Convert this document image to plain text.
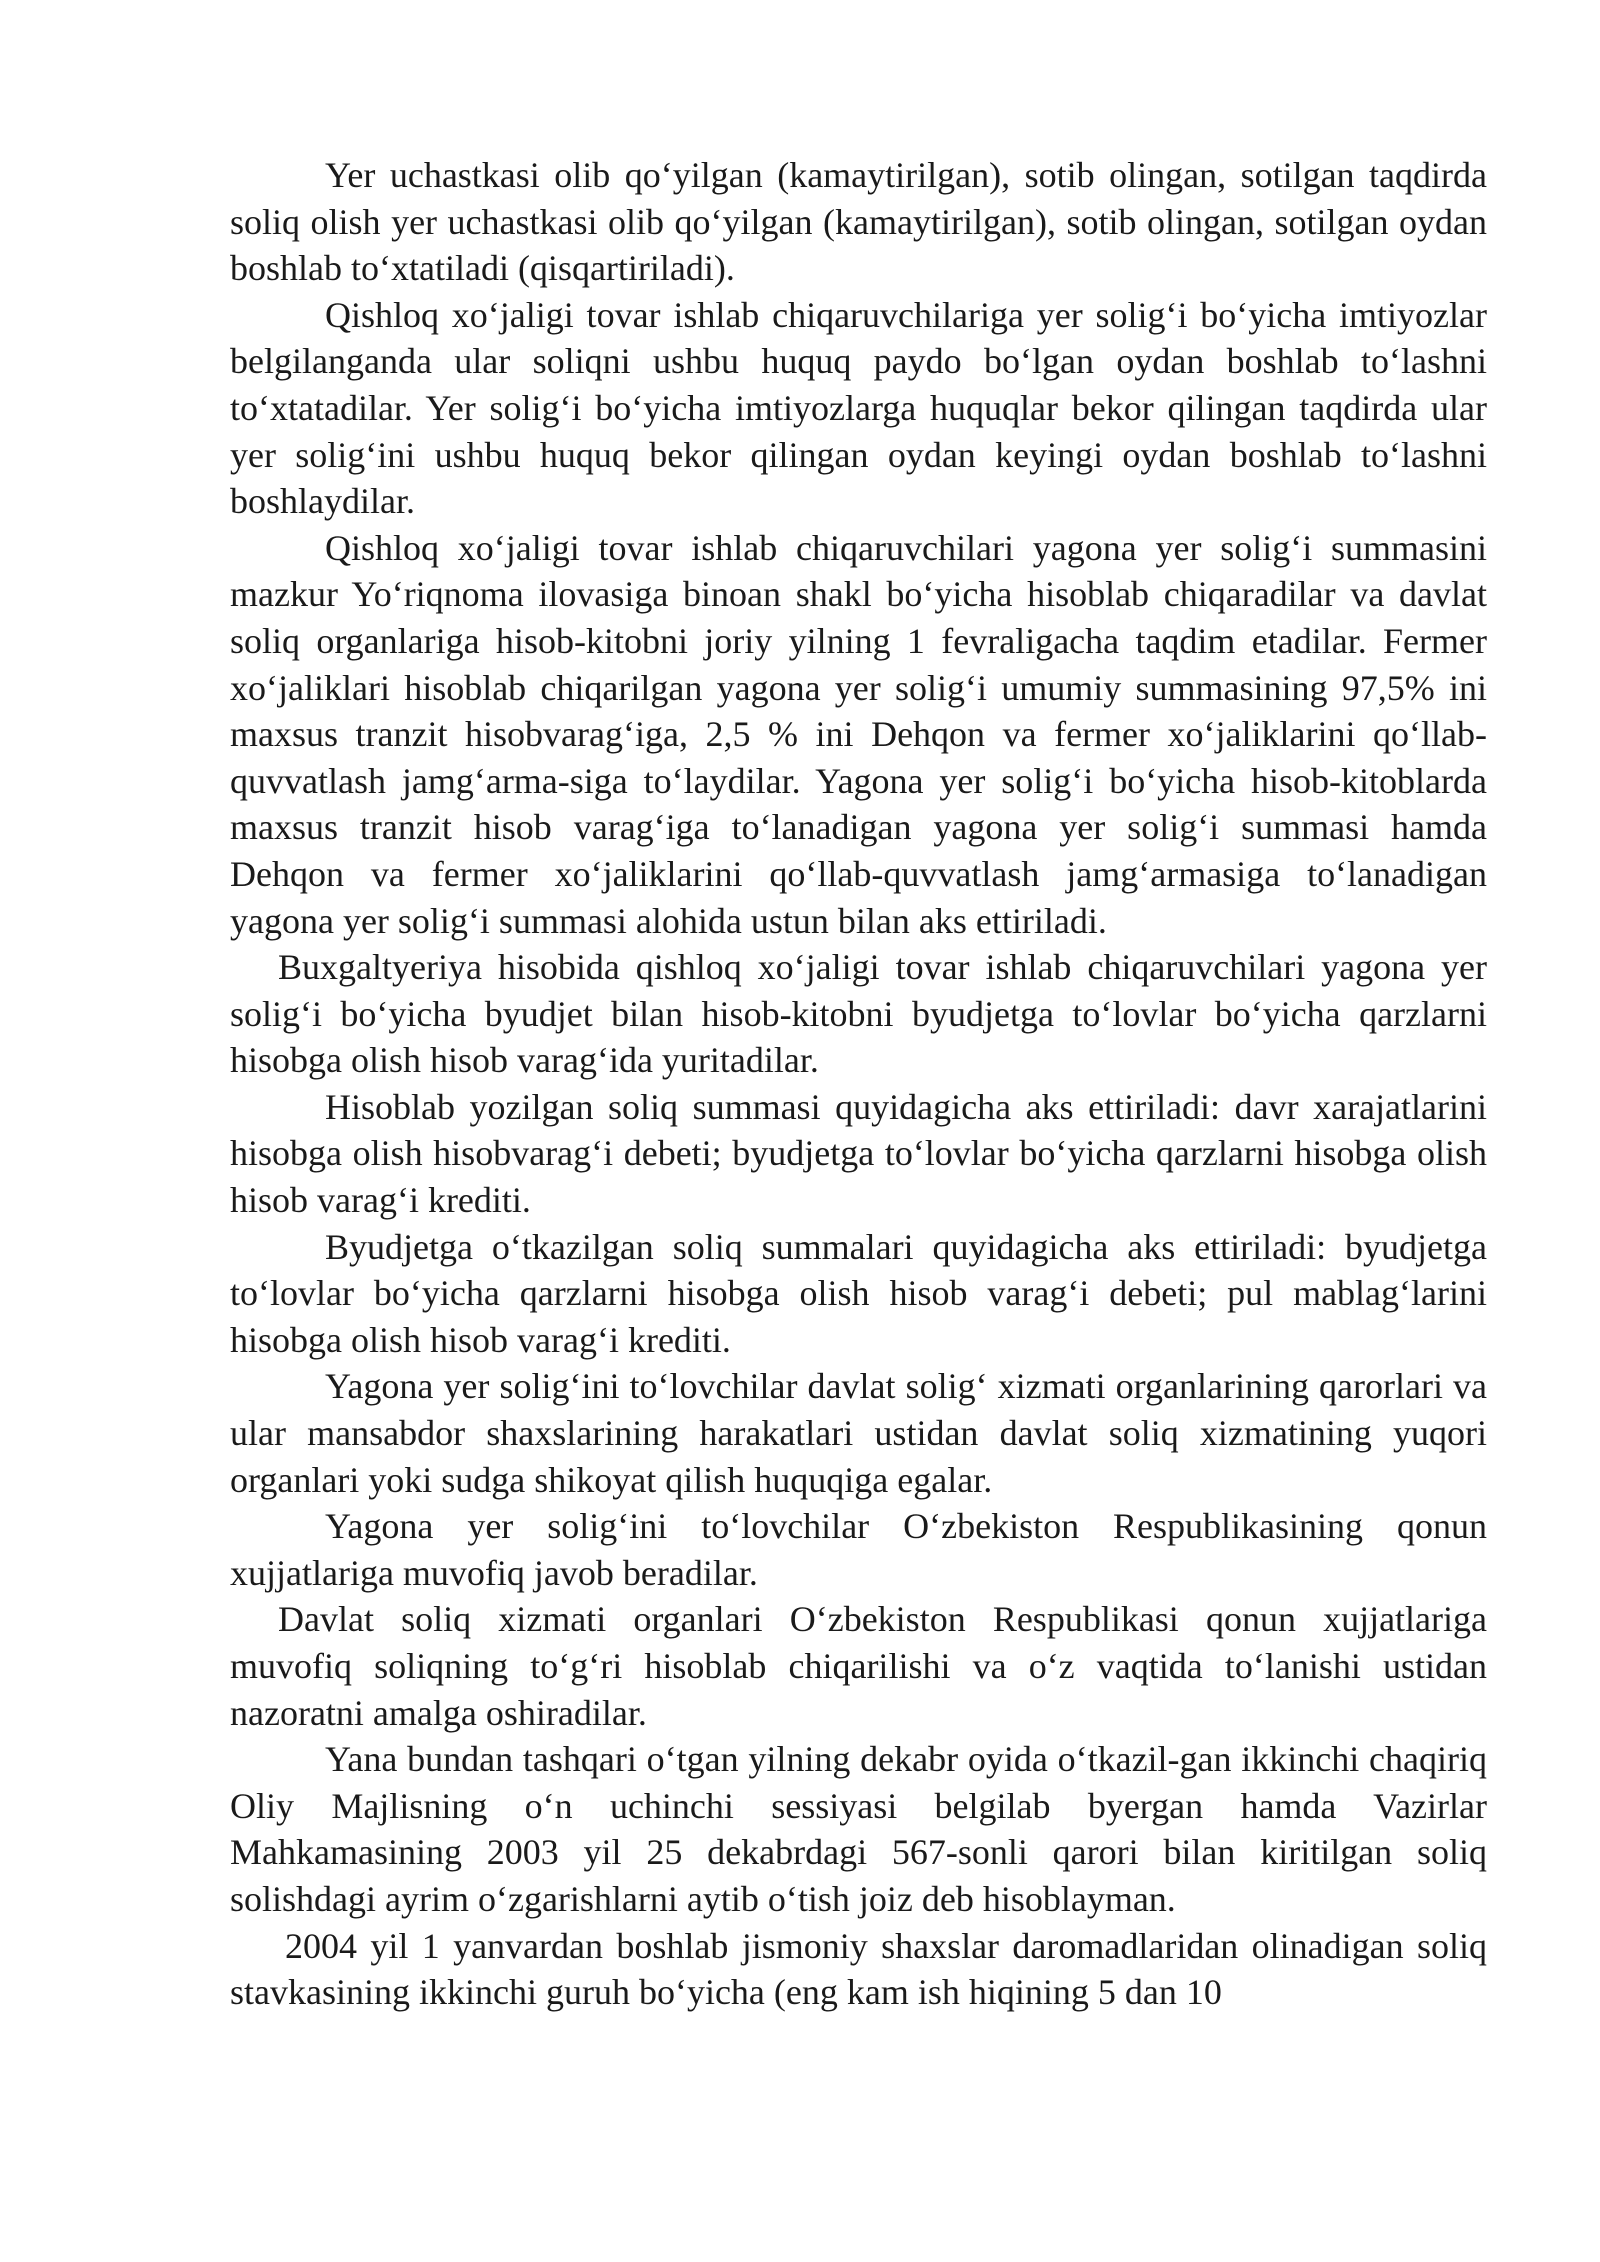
Yer uchastkasi olib qo‘yilgan (kamaytirilgan), sotib olingan, sotilgan taqdirda soliq olish yer uchastkasi olib qo‘yilgan (kamaytirilgan), sotib olingan, sotilgan oydan boshlab to‘xtatiladi (qisqartiriladi).

Qishloq xo‘jaligi tovar ishlab chiqaruvchilariga yer solig‘i bo‘yicha imtiyozlar belgilanganda ular soliqni ushbu huquq paydo bo‘lgan oydan boshlab to‘lashni to‘xtatadilar. Yer solig‘i bo‘yicha imtiyozlarga huquqlar bekor qilingan taqdirda ular yer solig‘ini ushbu huquq bekor qilingan oydan keyingi oydan boshlab to‘lashni boshlaydilar.

Qishloq xo‘jaligi tovar ishlab chiqaruvchilari yagona yer solig‘i summasini mazkur Yo‘riqnoma ilovasiga binoan shakl bo‘yicha hisoblab chiqaradilar va davlat soliq organlariga hisob-kitobni joriy yilning 1 fevraligacha taqdim etadilar. Fermer xo‘jaliklari hisoblab chiqarilgan yagona yer solig‘i umumiy summasining 97,5% ini maxsus tranzit hisobvarag‘iga, 2,5 % ini Dehqon va fermer xo‘jaliklarini qo‘llab-quvvatlash jamg‘arma-siga to‘laydilar. Yagona yer solig‘i bo‘yicha hisob-kitoblarda maxsus tranzit hisob varag‘iga to‘lanadigan yagona yer solig‘i summasi hamda Dehqon va fermer xo‘jaliklarini qo‘llab-quvvatlash jamg‘armasiga to‘lanadigan yagona yer solig‘i summasi alohida ustun bilan aks ettiriladi.

Buxgaltyeriya hisobida qishloq xo‘jaligi tovar ishlab chiqaruvchilari yagona yer solig‘i bo‘yicha byudjet bilan hisob-kitobni byudjetga to‘lovlar bo‘yicha qarzlarni hisobga olish hisob varag‘ida yuritadilar.

Hisoblab yozilgan soliq summasi quyidagicha aks ettiriladi: davr xarajatlarini hisobga olish hisobvarag‘i debeti; byudjetga to‘lovlar bo‘yicha qarzlarni hisobga olish hisob varag‘i krediti.

Byudjetga o‘tkazilgan soliq summalari quyidagicha aks ettiriladi: byudjetga to‘lovlar bo‘yicha qarzlarni hisobga olish hisob varag‘i debeti; pul mablag‘larini hisobga olish hisob varag‘i krediti.

Yagona yer solig‘ini to‘lovchilar davlat solig‘ xizmati organlarining qarorlari va ular mansabdor shaxslarining harakatlari ustidan davlat soliq xizmatining yuqori organlari yoki sudga shikoyat qilish huquqiga egalar.

Yagona yer solig‘ini to‘lovchilar O‘zbekiston Respublikasining qonun xujjatlariga muvofiq javob beradilar.

Davlat soliq xizmati organlari O‘zbekiston Respublikasi qonun xujjatlariga muvofiq soliqning to‘g‘ri hisoblab chiqarilishi va o‘z vaqtida to‘lanishi ustidan nazoratni amalga oshiradilar.

Yana bundan tashqari o‘tgan yilning dekabr oyida o‘tkazil-gan ikkinchi chaqiriq Oliy Majlisning o‘n uchinchi sessiyasi belgilab byergan hamda Vazirlar Mahkamasining 2003 yil 25 dekabrdagi 567-sonli qarori bilan kiritilgan soliq solishdagi ayrim o‘zgarishlarni aytib o‘tish joiz deb hisoblayman.

2004 yil 1 yanvardan boshlab jismoniy shaxslar daromadlaridan olinadigan soliq stavkasining ikkinchi guruh bo‘yicha (eng kam ish hiqining 5 dan 10
